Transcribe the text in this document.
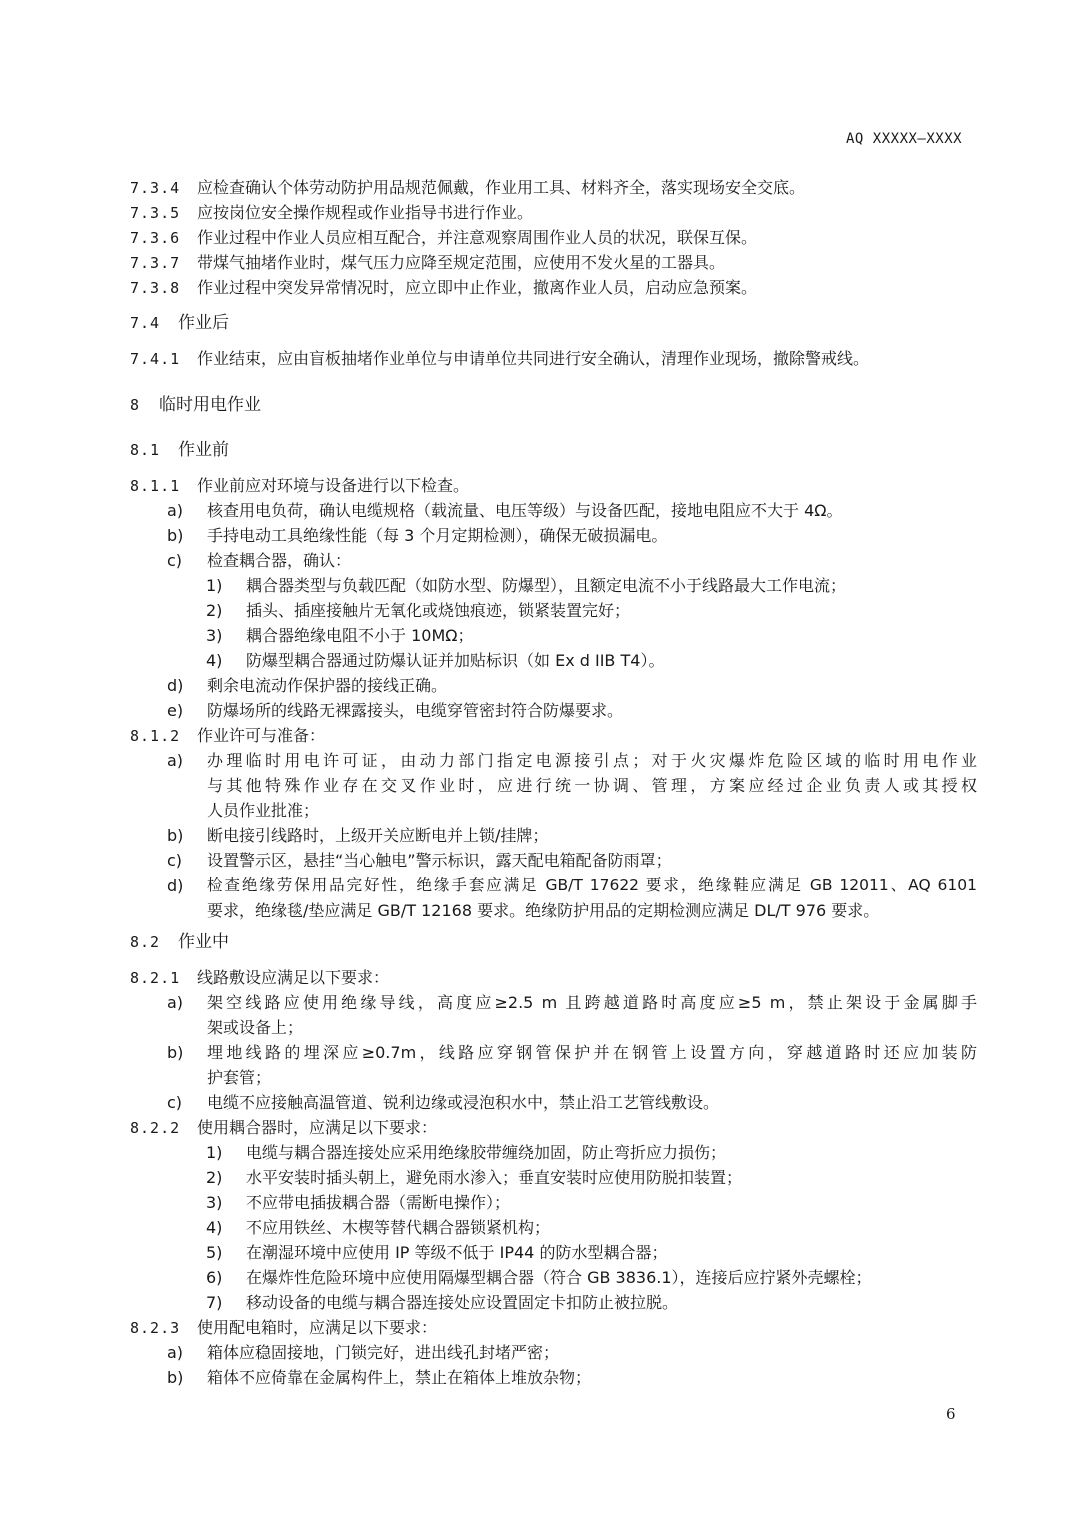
AQ XXXXX—XXXX
7.3.4 应检查确认个体劳动防护用品规范佩戴，作业用工具、材料齐全，落实现场安全交底。
7.3.5 应按岗位安全操作规程或作业指导书进行作业。
7.3.6 作业过程中作业人员应相互配合，并注意观察周围作业人员的状况，联保互保。
7.3.7 带煤气抽堵作业时，煤气压力应降至规定范围，应使用不发火星的工器具。
7.3.8 作业过程中突发异常情况时，应立即中止作业，撤离作业人员，启动应急预案。
7.4 作业后
7.4.1 作业结束，应由盲板抽堵作业单位与申请单位共同进行安全确认，清理作业现场，撤除警戒线。
8 临时用电作业
8.1 作业前
8.1.1 作业前应对环境与设备进行以下检查。
a) 核查用电负荷，确认电缆规格（载流量、电压等级）与设备匹配，接地电阻应不大于 4Ω。
b) 手持电动工具绝缘性能（每 3 个月定期检测），确保无破损漏电。
c) 检查耦合器，确认：
1) 耦合器类型与负载匹配（如防水型、防爆型），且额定电流不小于线路最大工作电流；
2) 插头、插座接触片无氧化或烧蚀痕迹，锁紧装置完好；
3) 耦合器绝缘电阻不小于 10MΩ；
4) 防爆型耦合器通过防爆认证并加贴标识（如 Ex d IIB T4）。
d) 剩余电流动作保护器的接线正确。
e) 防爆场所的线路无裸露接头，电缆穿管密封符合防爆要求。
8.1.2 作业许可与准备：
a)	办理临时用电许可证，由动力部门指定电源接引点；对于火灾爆炸危险区域的临时用电作业
与其他特殊作业存在交叉作业时，应进行统一协调、管理，方案应经过企业负责人或其授权
人员作业批准；
b) 断电接引线路时，上级开关应断电并上锁/挂牌；
c) 设置警示区，悬挂“当心触电”警示标识，露天配电箱配备防雨罩；
d)	检查绝缘劳保用品完好性，绝缘手套应满足 GB/T 17622 要求，绝缘鞋应满足 GB 12011、AQ 6101
要求，绝缘毯/垫应满足 GB/T 12168 要求。绝缘防护用品的定期检测应满足 DL/T 976 要求。
8.2 作业中
8.2.1 线路敷设应满足以下要求：
a)	架空线路应使用绝缘导线，高度应≥2.5 m 且跨越道路时高度应≥5 m，禁止架设于金属脚手
架或设备上；
b)	埋地线路的埋深应≥0.7m，线路应穿钢管保护并在钢管上设置方向，穿越道路时还应加装防
护套管；
c) 电缆不应接触高温管道、锐利边缘或浸泡积水中，禁止沿工艺管线敷设。
8.2.2 使用耦合器时，应满足以下要求：
1) 电缆与耦合器连接处应采用绝缘胶带缠绕加固，防止弯折应力损伤；
2) 水平安装时插头朝上，避免雨水渗入；垂直安装时应使用防脱扣装置；
3) 不应带电插拔耦合器（需断电操作）；
4) 不应用铁丝、木楔等替代耦合器锁紧机构；
5) 在潮湿环境中应使用 IP 等级不低于 IP44 的防水型耦合器；
6) 在爆炸性危险环境中应使用隔爆型耦合器（符合 GB 3836.1），连接后应拧紧外壳螺栓；
7) 移动设备的电缆与耦合器连接处应设置固定卡扣防止被拉脱。
8.2.3 使用配电箱时，应满足以下要求：
a) 箱体应稳固接地，门锁完好，进出线孔封堵严密；
b) 箱体不应倚靠在金属构件上，禁止在箱体上堆放杂物；
6
